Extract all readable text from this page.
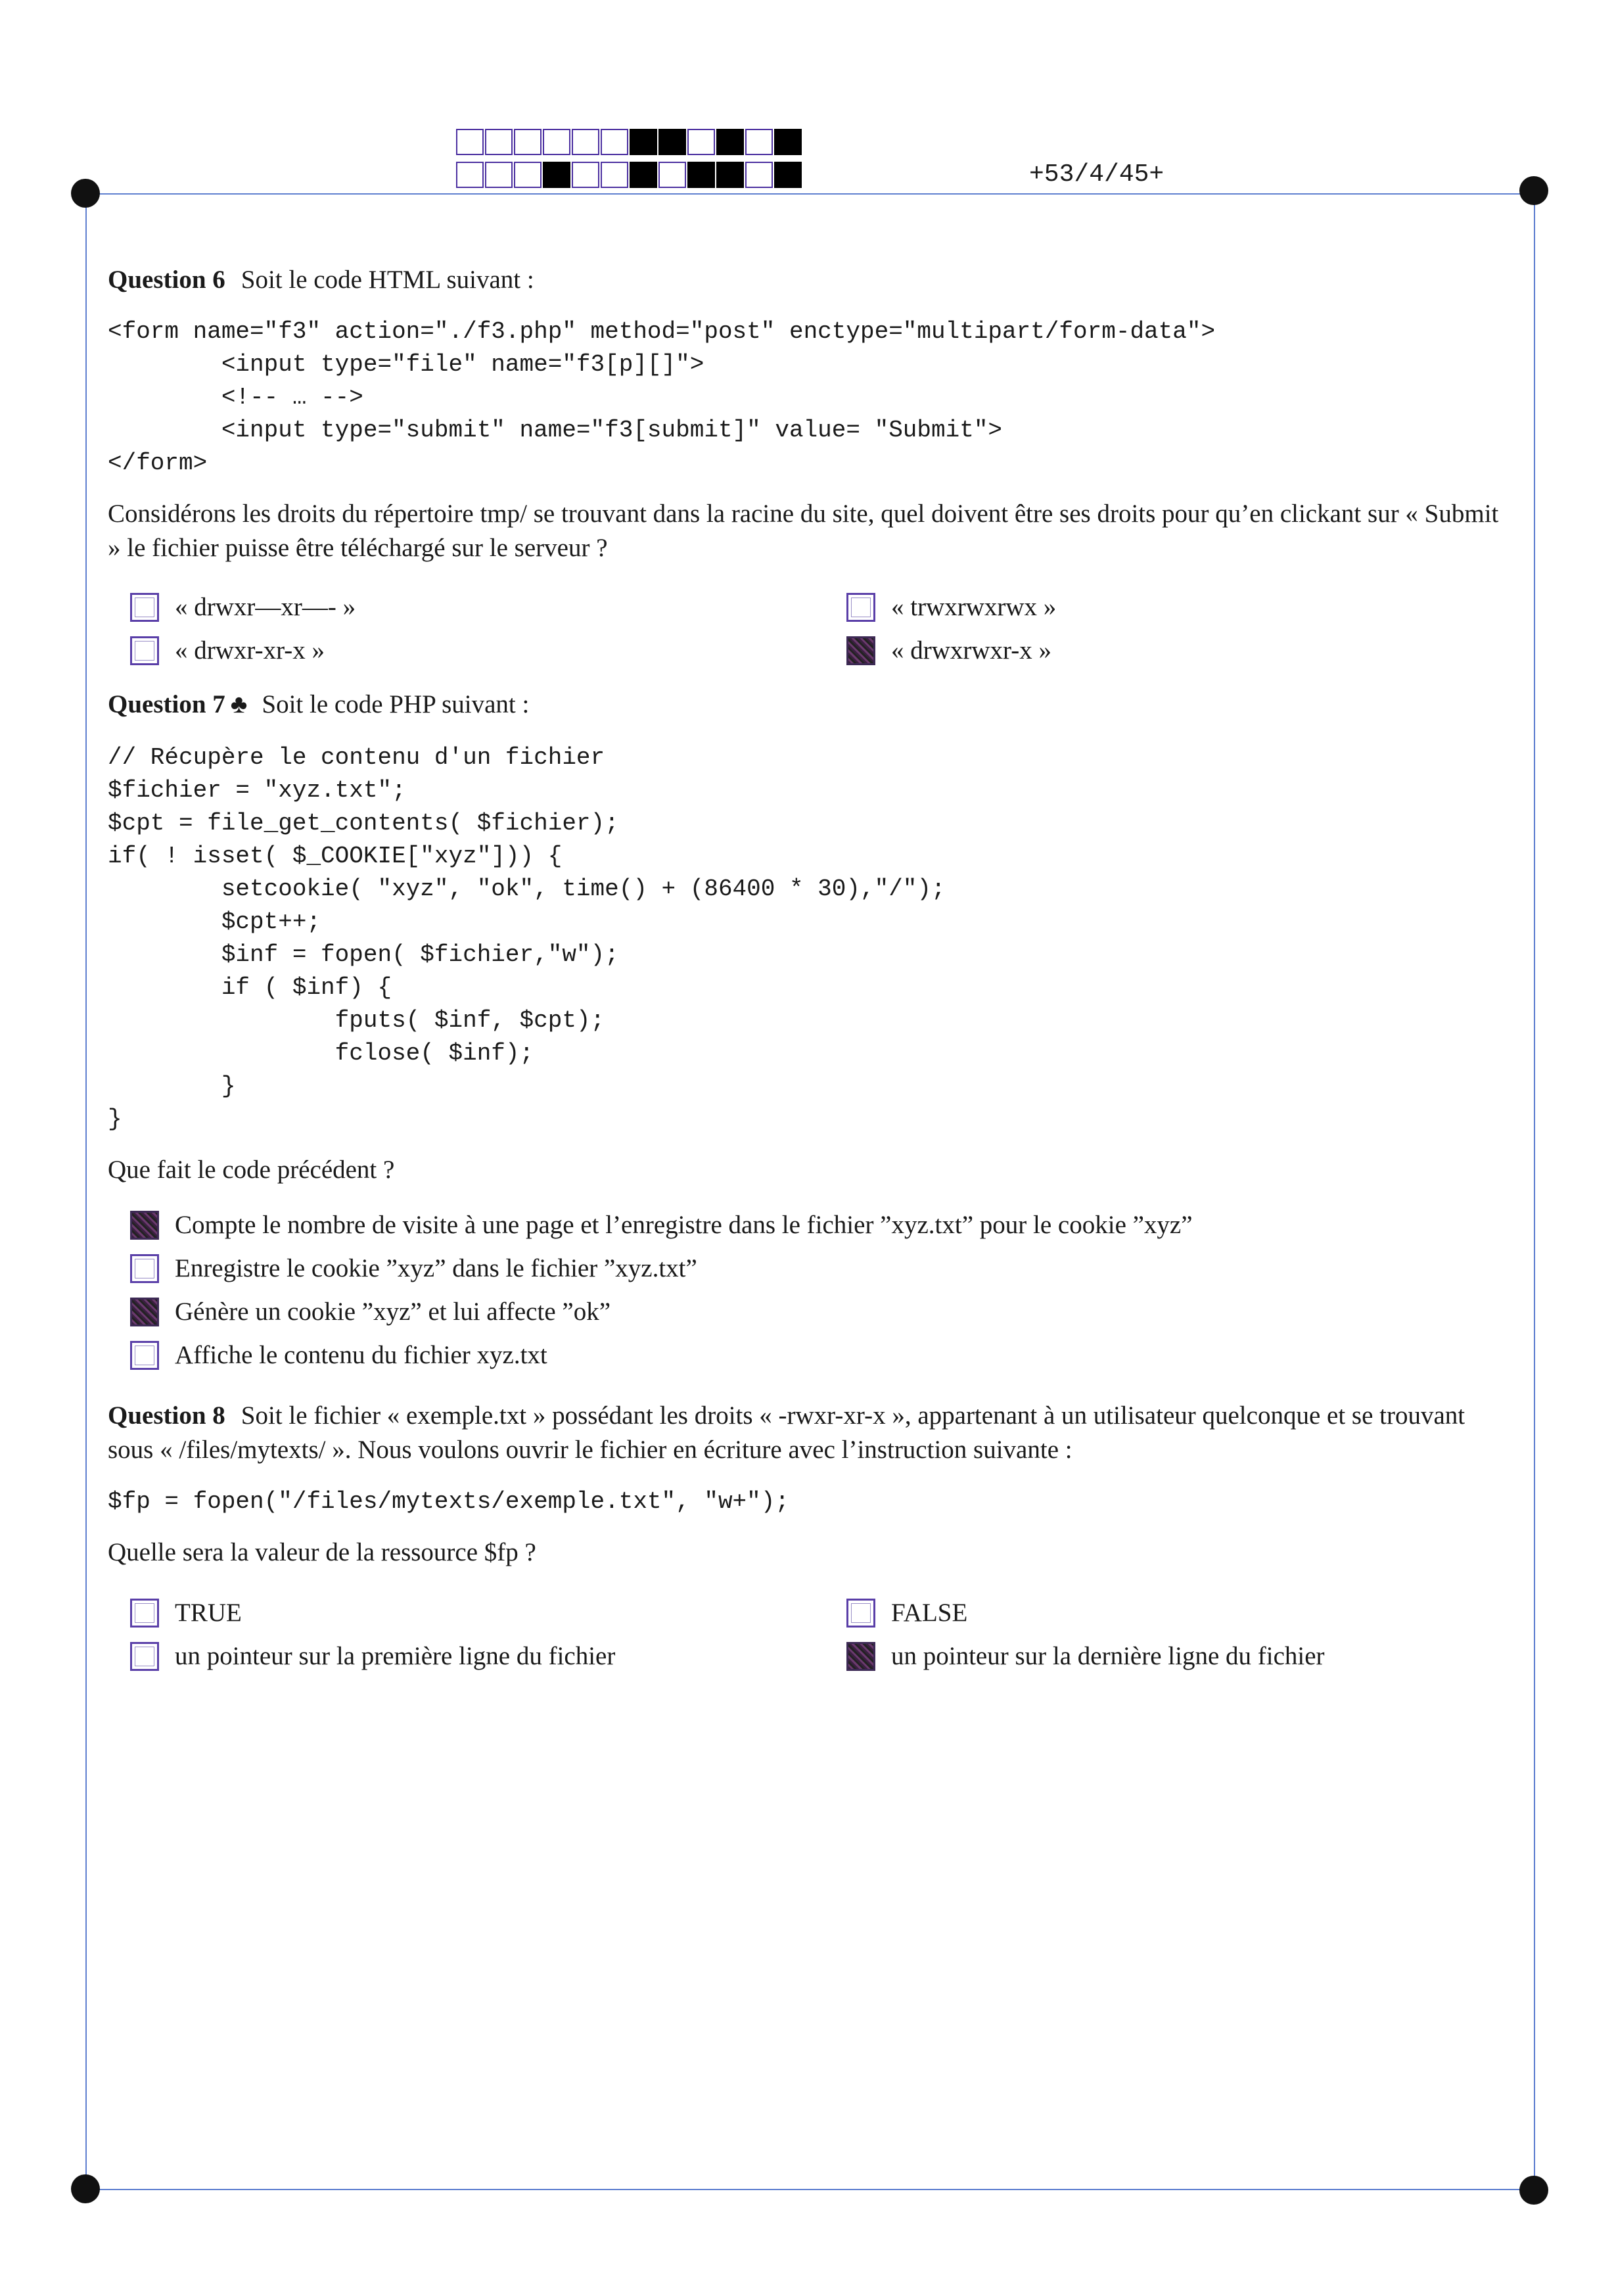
+53/4/45+

Question 6 Soit le code HTML suivant :

<form name="f3" action="./f3.php" method="post" enctype="multipart/form-data">
<input type="file" name="f3[p][]">
<!-- … -->
<input type="submit" name="f3[submit]" value= "Submit">
</form>

Considérons les droits du répertoire tmp/ se trouvant dans la racine du site, quel doivent être ses droits pour qu’en clickant sur « Submit » le fichier puisse être téléchargé sur le serveur ?

« drwxr—xr—- »	« trwxrwxrwx »
« drwxr-xr-x »	« drwxrwxr-x »

Question 7 ♣ Soit le code PHP suivant :

// Récupère le contenu d'un fichier
$fichier = "xyz.txt";
$cpt = file_get_contents( $fichier);
if( ! isset( $_COOKIE["xyz"])) {
setcookie( "xyz", "ok", time() + (86400 * 30),"/");
$cpt++;
$inf = fopen( $fichier,"w");
if ( $inf) {
fputs( $inf, $cpt);
fclose( $inf);
}
}

Que fait le code précédent ?

Compte le nombre de visite à une page et l’enregistre dans le fichier ”xyz.txt” pour le cookie ”xyz”
Enregistre le cookie ”xyz” dans le fichier ”xyz.txt”
Génère un cookie ”xyz” et lui affecte ”ok”
Affiche le contenu du fichier xyz.txt

Question 8 Soit le fichier « exemple.txt » possédant les droits « -rwxr-xr-x », appartenant à un utilisateur quelconque et se trouvant sous « /files/mytexts/ ». Nous voulons ouvrir le fichier en écriture avec l’instruction suivante :

$fp = fopen("/files/mytexts/exemple.txt", "w+");

Quelle sera la valeur de la ressource $fp ?

TRUE	FALSE
un pointeur sur la première ligne du fichier	un pointeur sur la dernière ligne du fichier
